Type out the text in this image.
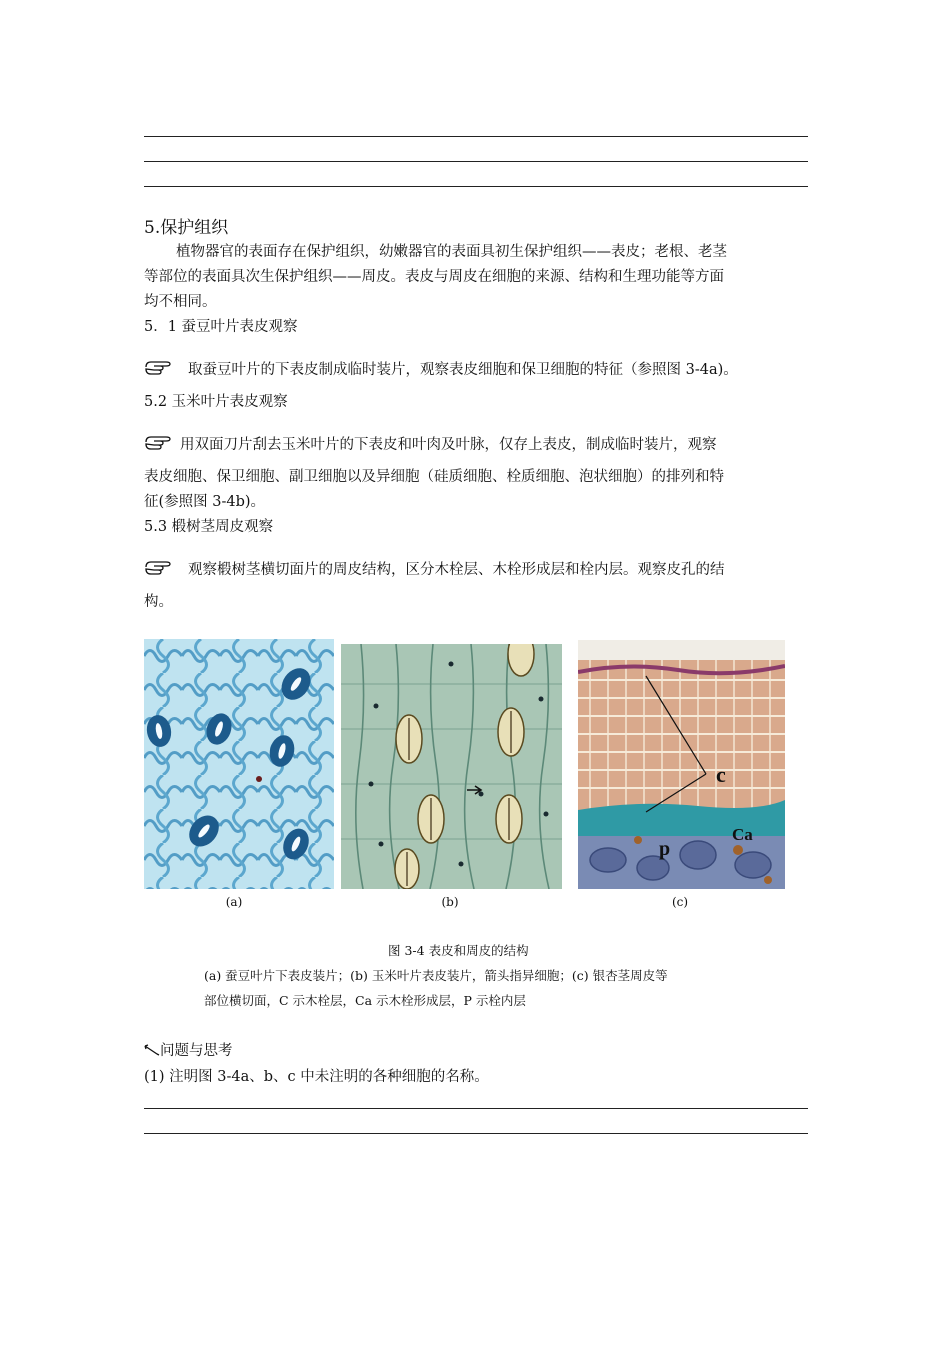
5.保护组织
植物器官的表面存在保护组织，幼嫩器官的表面具初生保护组织——表皮；老根、老茎
等部位的表面具次生保护组织——周皮。表皮与周皮在细胞的来源、结构和生理功能等方面
均不相同。
5．1 蚕豆叶片表皮观察
取蚕豆叶片的下表皮制成临时装片，观察表皮细胞和保卫细胞的特征（参照图 3-4a)。
5.2 玉米叶片表皮观察
用双面刀片刮去玉米叶片的下表皮和叶肉及叶脉，仅存上表皮，制成临时装片，观察
表皮细胞、保卫细胞、副卫细胞以及异细胞（硅质细胞、栓质细胞、泡状细胞）的排列和特
征(参照图 3-4b)。
5.3 椴树茎周皮观察
观察椴树茎横切面片的周皮结构，区分木栓层、木栓形成层和栓内层。观察皮孔的结
构。
(a)	(b)
c
Ca
p
(c)
图 3-4 表皮和周皮的结构
(a) 蚕豆叶片下表皮装片；(b) 玉米叶片表皮装片，箭头指异细胞；(c) 银杏茎周皮等
部位横切面，C 示木栓层，Ca 示木栓形成层，P 示栓内层
问题与思考
(1) 注明图 3-4a、b、c 中未注明的各种细胞的名称。
